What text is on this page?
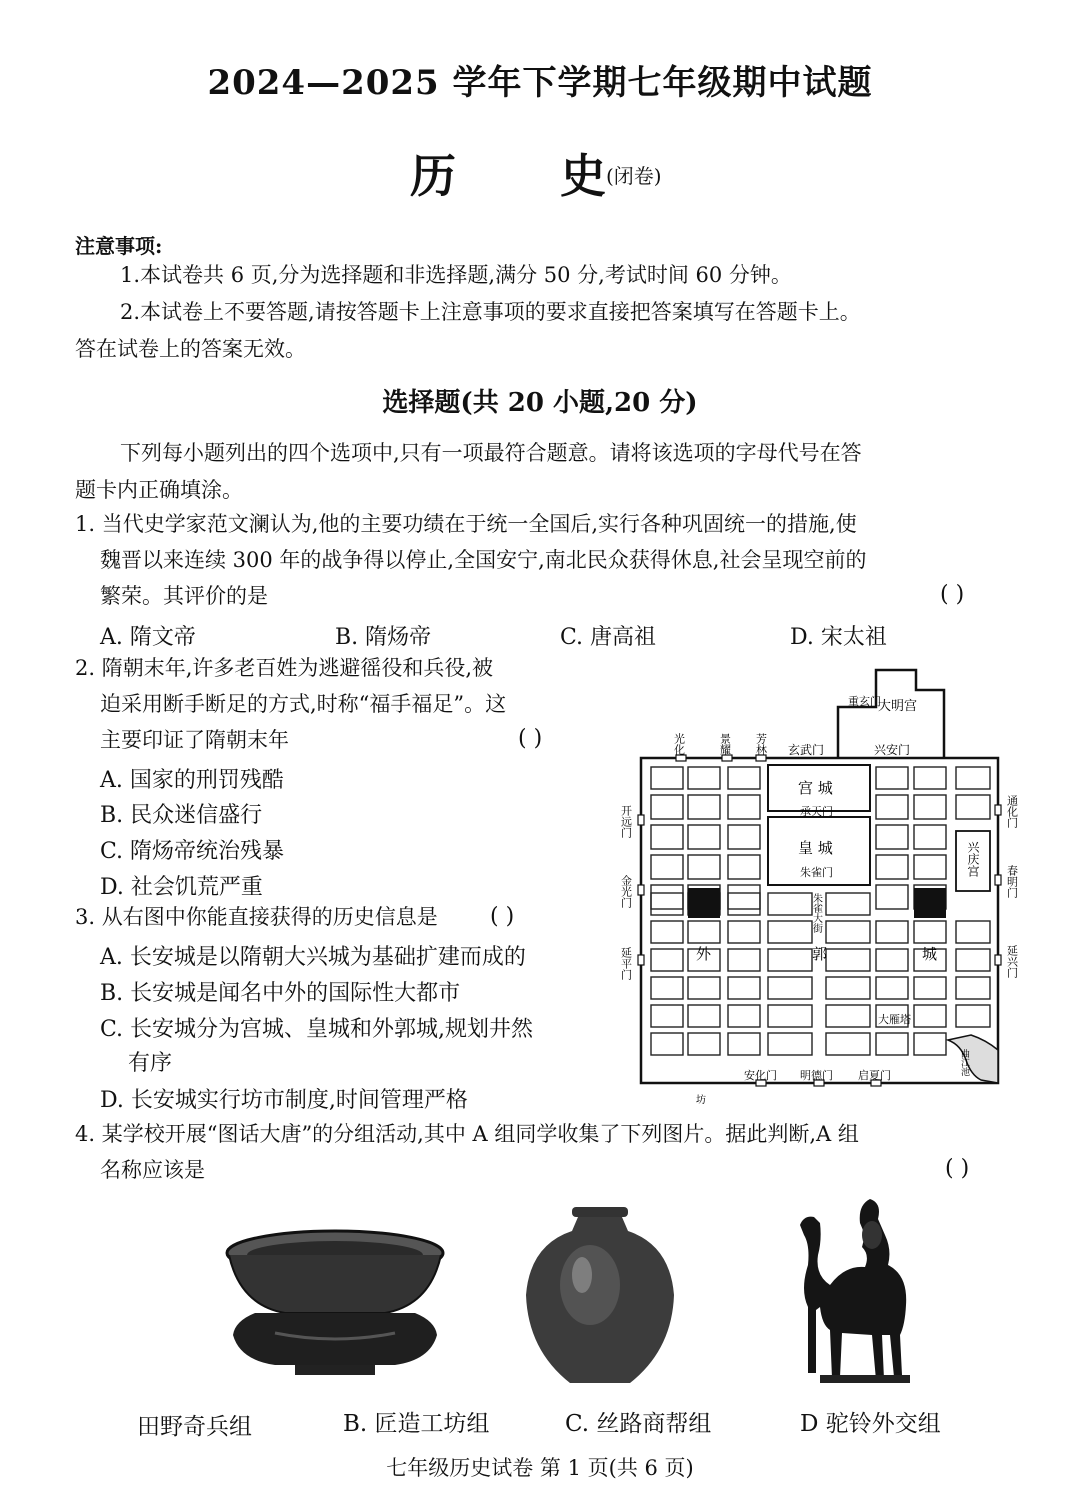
2024—2025 学年下学期七年级期中试题
历 史 (闭卷)
注意事项:
1.本试卷共 6 页,分为选择题和非选择题,满分 50 分,考试时间 60 分钟。
2.本试卷上不要答题,请按答题卡上注意事项的要求直接把答案填写在答题卡上。
答在试卷上的答案无效。
选择题(共 20 小题,20 分)
下列每小题列出的四个选项中,只有一项最符合题意。请将该选项的字母代号在答
题卡内正确填涂。
1. 当代史学家范文澜认为,他的主要功绩在于统一全国后,实行各种巩固统一的措施,使
魏晋以来连续 300 年的战争得以停止,全国安宁,南北民众获得休息,社会呈现空前的
繁荣。其评价的是	( )
A. 隋文帝	B. 隋炀帝	C. 唐高祖	D. 宋太祖
2. 隋朝末年,许多老百姓为逃避徭役和兵役,被
迫采用断手断足的方式,时称“福手福足”。这
主要印证了隋朝末年	( )
A. 国家的刑罚残酷
B. 民众迷信盛行
C. 隋炀帝统治残暴
D. 社会饥荒严重
3. 从右图中你能直接获得的历史信息是 ( )
A. 长安城是以隋朝大兴城为基础扩建而成的
B. 长安城是闻名中外的国际性大都市
C. 长安城分为宫城、皇城和外郭城,规划井然
有序
D. 长安城实行坊市制度,时间管理严格
重玄门
大明宫
玄武门	兴安门
光化	景耀 芳林
宫 城
承天门
皇 城
朱雀门
开远门
金光门
延平门
通化门
春明门
延兴门
兴庆宫
外	郭	城
朱雀大街
大雁塔
安化门 明德门 启夏门	曲江池
坊
4. 某学校开展“图话大唐”的分组活动,其中 A 组同学收集了下列图片。据此判断,A 组
名称应该是	( )
田野奇兵组	B. 匠造工坊组	C. 丝路商帮组	D 驼铃外交组
七年级历史试卷 第 1 页(共 6 页)
